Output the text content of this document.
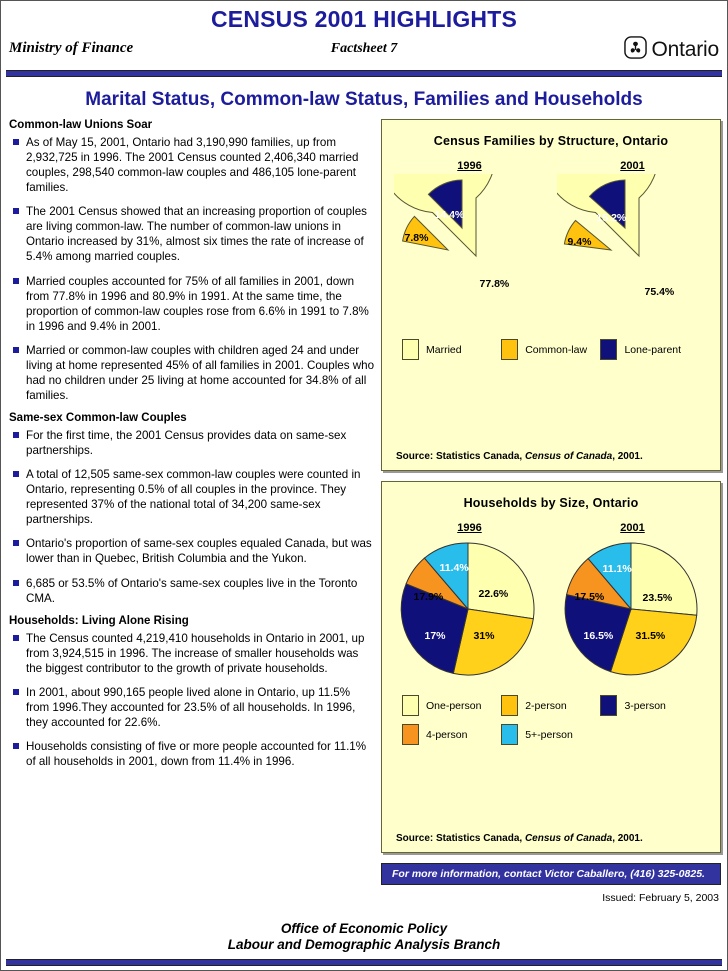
CENSUS 2001 HIGHLIGHTS
Ministry of Finance	Factsheet 7	Ontario
Marital Status, Common-law Status, Families and Households
Common-law Unions Soar
As of May 15, 2001, Ontario had 3,190,990 families, up from 2,932,725 in 1996. The 2001 Census counted 2,406,340 married couples, 298,540 common-law couples and 486,105 lone-parent families.
The 2001 Census showed that an increasing proportion of couples are living common-law. The number of common-law unions in Ontario increased by 31%, almost six times the rate of increase of 5.4% among married couples.
Married couples accounted for 75% of all families in 2001, down from 77.8% in 1996 and 80.9% in 1991. At the same time, the proportion of common-law couples rose from 6.6% in 1991 to 7.8% in 1996 and 9.4% in 2001.
Married or common-law couples with children aged 24 and under living at home represented 45% of all families in 2001. Couples who had no children under 25 living at home accounted for 34.8% of all families.
Same-sex Common-law Couples
For the first time, the 2001 Census provides data on same-sex partnerships.
A total of 12,505 same-sex common-law couples were counted in Ontario, representing 0.5% of all couples in the province. They represented 37% of the national total of 34,200 same-sex partnerships.
Ontario's proportion of same-sex couples equaled Canada, but was lower than in Quebec, British Columbia and the Yukon.
6,685 or 53.5% of Ontario's same-sex couples live in the Toronto CMA.
Households: Living Alone Rising
The Census counted 4,219,410 households in Ontario in 2001, up from 3,924,515 in 1996. The increase of smaller households was the biggest contributor to the growth of private households.
In 2001, about 990,165 people lived alone in Ontario, up 11.5% from 1996.They accounted for 23.5% of all households. In 1996, they accounted for 22.6%.
Households consisting of five or more people accounted for 11.1% of all households in 2001, down from 11.4% in 1996.
Census Families by Structure, Ontario
1996	2001
77.8%
14.4%
7.8%
75.4%
15.2%
9.4%
Married	Common-law	Lone-parent
Source: Statistics Canada, Census of Canada, 2001.
Households by Size, Ontario
1996	2001
22.6%
31%
17%
17.9%
11.4%
23.5%
31.5%
16.5%
17.5%
11.1%
One-person	2-person	3-person
4-person	5+-person
Source: Statistics Canada, Census of Canada, 2001.
For more information, contact Victor Caballero, (416) 325-0825.
Issued: February 5, 2003
Office of Economic Policy
Labour and Demographic Analysis Branch
